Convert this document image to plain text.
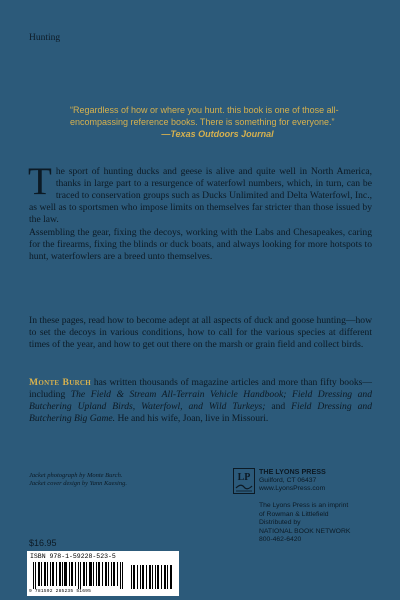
Hunting
“Regardless of how or where you hunt. this book is one of those all-encompassing reference books. There is something for everyone.”
—Texas Outdoors Journal

The sport of hunting ducks and geese is alive and quite well in North America, thanks in large part to a resurgence of waterfowl numbers, which, in turn, can be traced to conservation groups such as Ducks Unlimited and Delta Waterfowl, Inc., as well as to sportsmen who impose limits on themselves far stricter than those issued by the law.

Assembling the gear, fixing the decoys, working with the Labs and Chesapeakes, caring for the firearms, fixing the blinds or duck boats, and always looking for more hotspots to hunt, waterfowlers are a breed unto themselves.

In these pages, read how to become adept at all aspects of duck and goose hunting—how to set the decoys in various conditions, how to call for the various species at different times of the year, and how to get out there on the marsh or grain field and collect birds.

Monte Burch has written thousands of magazine articles and more than fifty books—including The Field & Stream All-Terrain Vehicle Handbook; Field Dressing and Butchering Upland Birds, Waterfowl, and Wild Turkeys; and Field Dressing and Butchering Big Game. He and his wife, Joan, live in Missouri.

Jacket photograph by Monte Burch.
Jacket cover design by Yann Kaesing.
$16.95
ISBN 978-1-59228-523-5
9 781592 285235 51695
LP
THE LYONS PRESS
Guilford, CT 06437
www.LyonsPress.com
The Lyons Press is an imprint
of Rowman & Littlefield
Distributed by
NATIONAL BOOK NETWORK
800-462-6420
